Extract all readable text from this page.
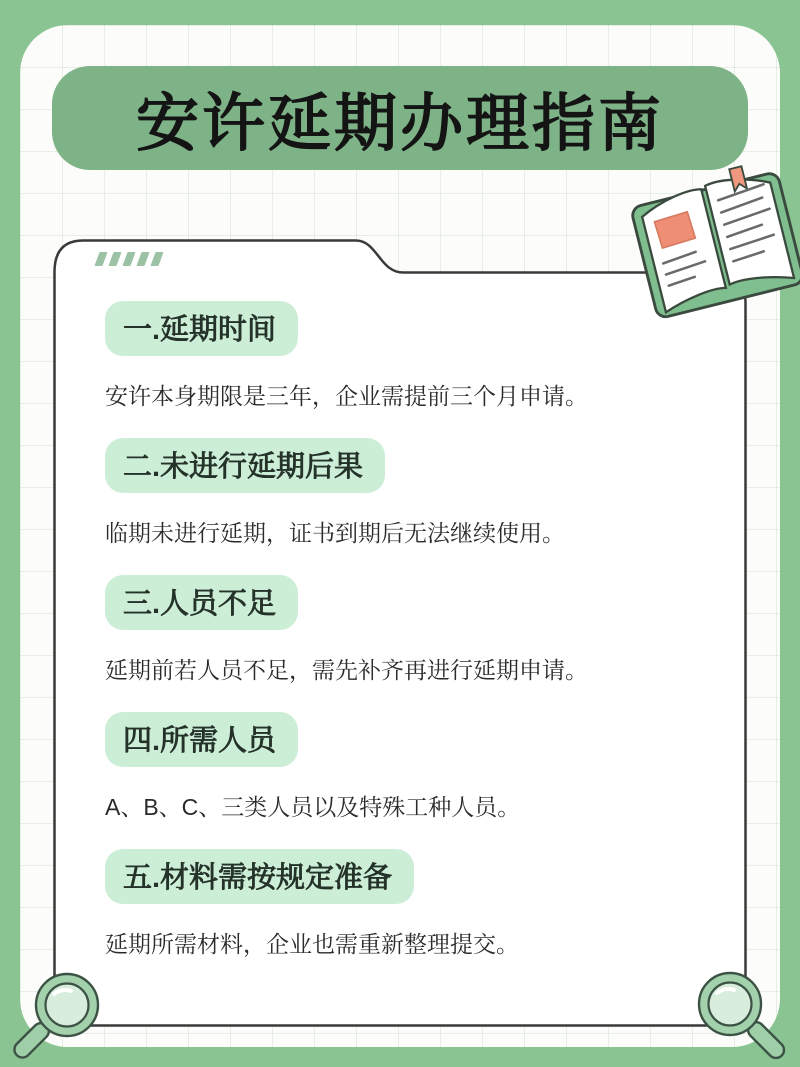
安许延期办理指南
一.延期时间
安许本身期限是三年，企业需提前三个月申请。
二.未进行延期后果
临期未进行延期，证书到期后无法继续使用。
三.人员不足
延期前若人员不足，需先补齐再进行延期申请。
四.所需人员
A、B、C、三类人员以及特殊工种人员。
五.材料需按规定准备
延期所需材料，企业也需重新整理提交。
